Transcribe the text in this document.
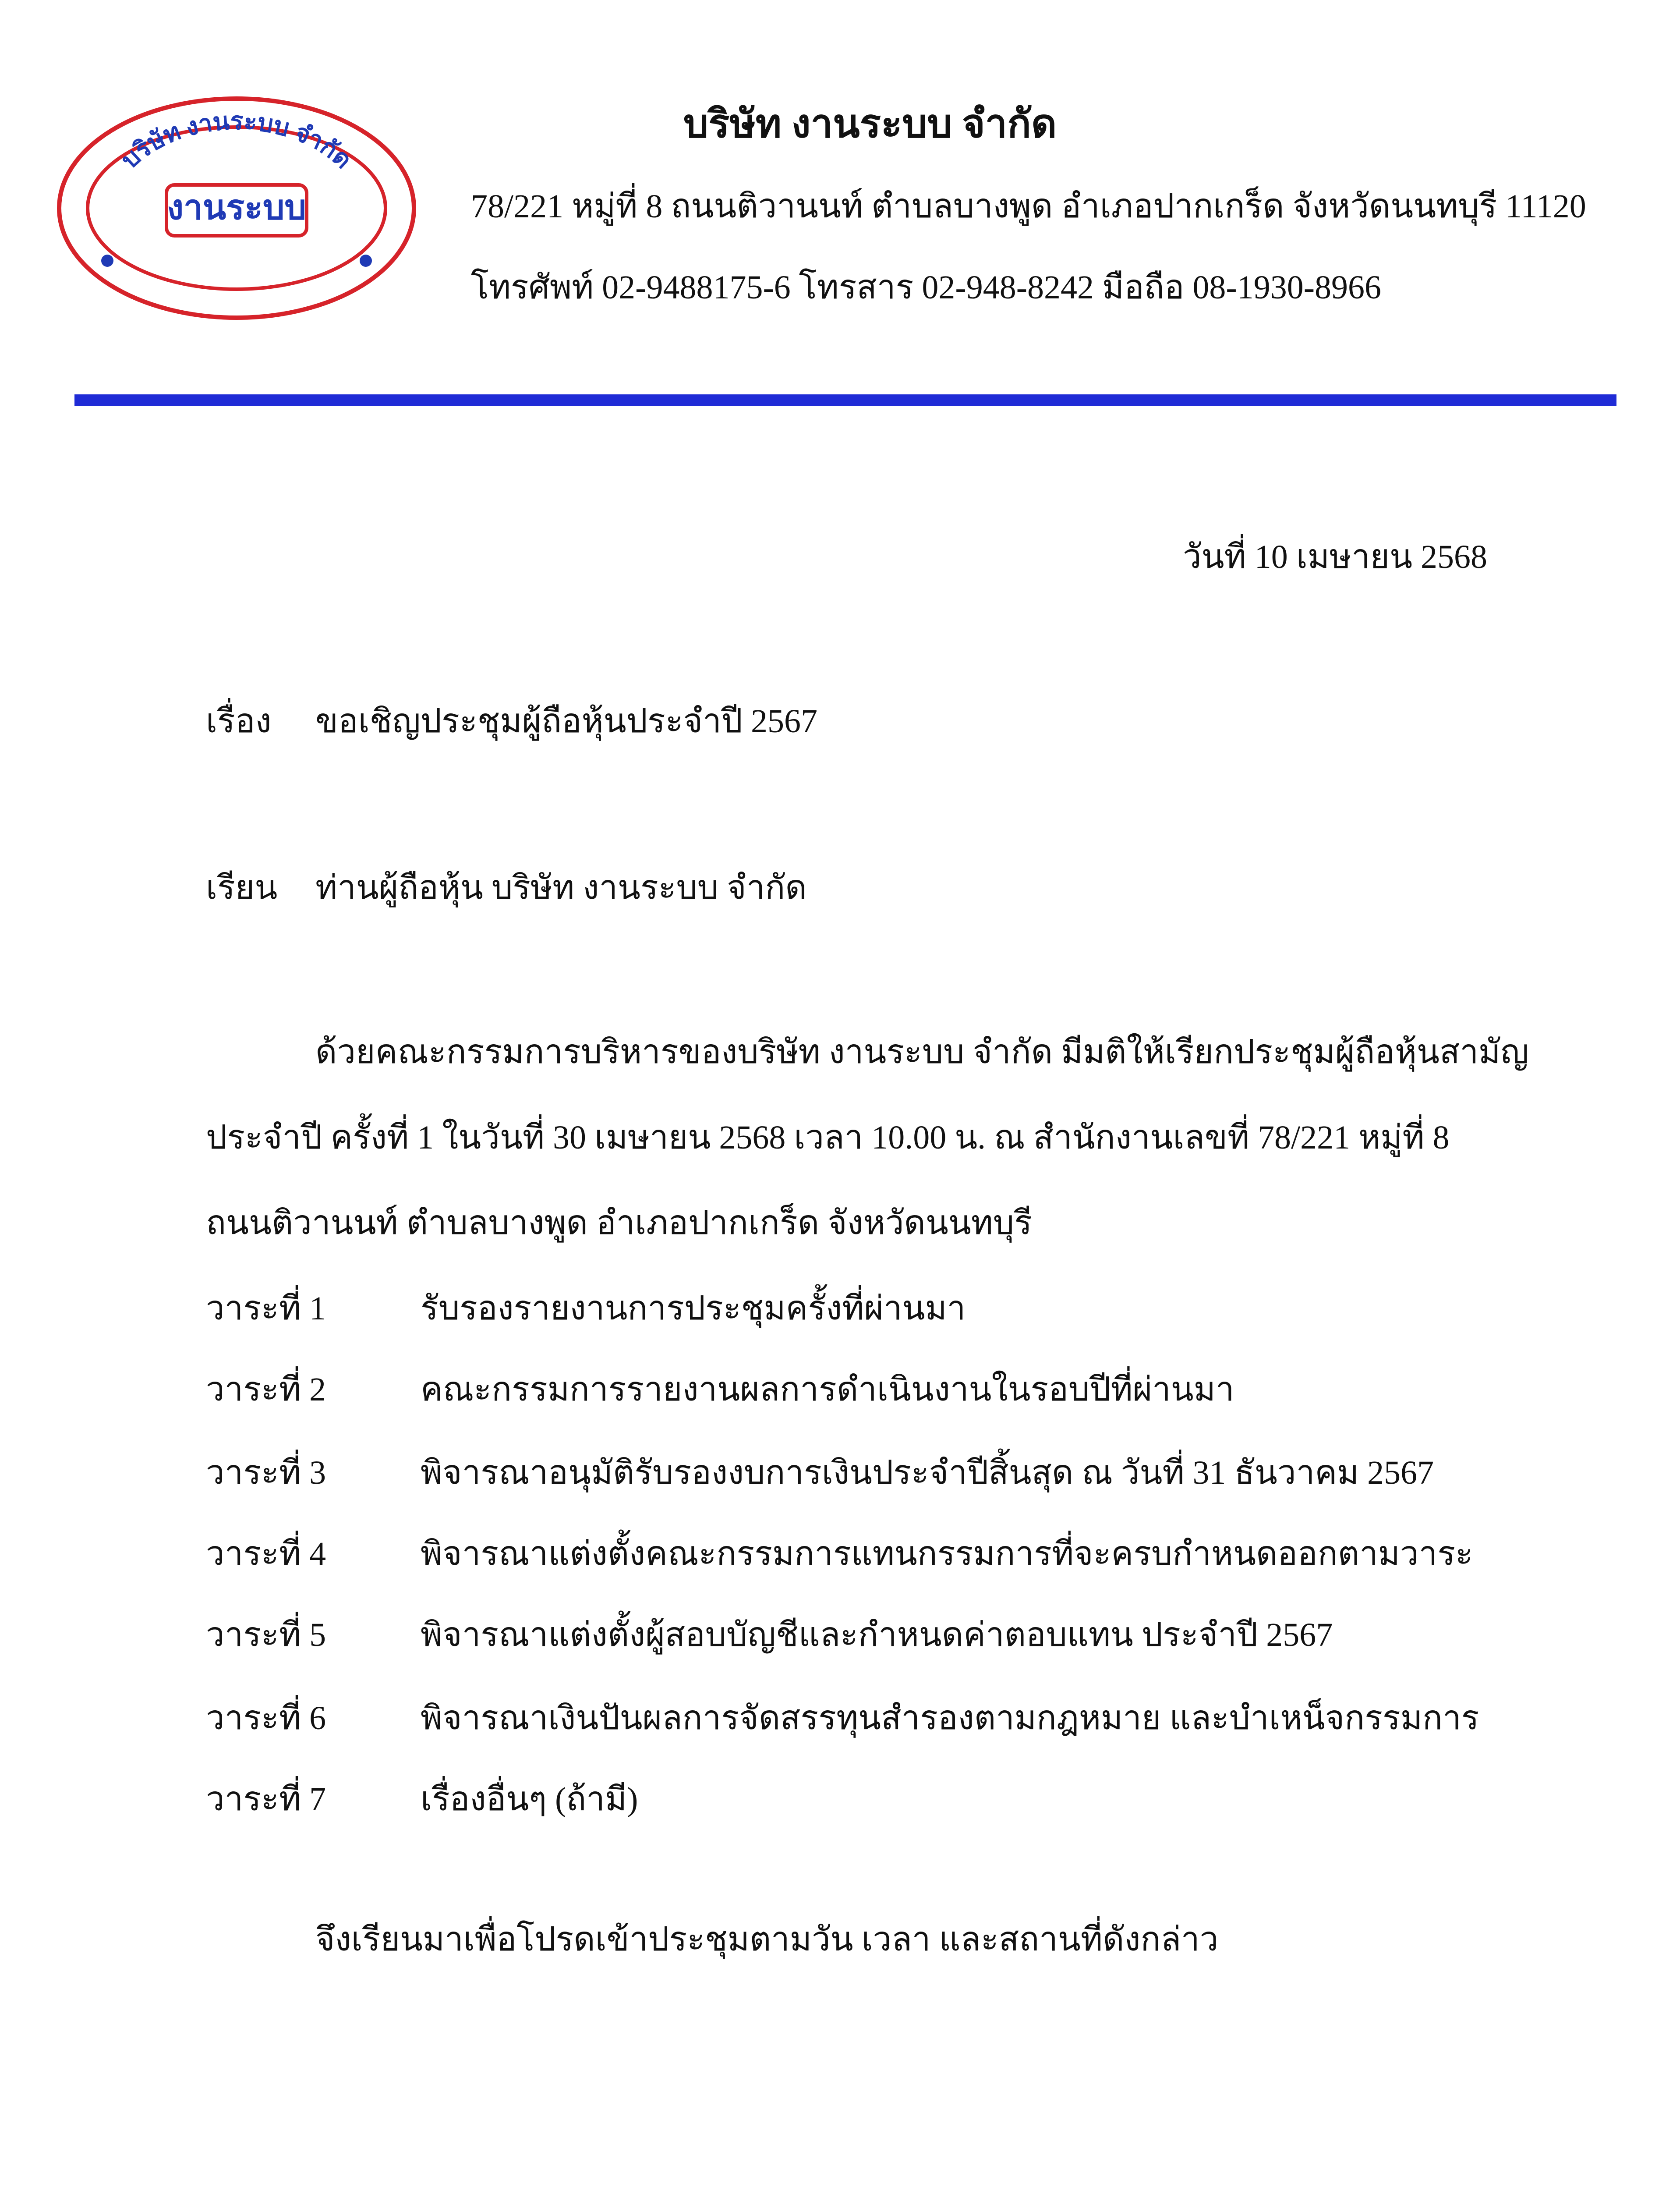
งานระบบ
บริษัท งานระบบ จำกัด
บริษัท งานระบบ จำกัด
78/221 หมู่ที่ 8 ถนนติวานนท์ ตำบลบางพูด อำเภอปากเกร็ด จังหวัดนนทบุรี 11120
โทรศัพท์ 02-9488175-6 โทรสาร 02-948-8242 มือถือ 08-1930-8966
วันที่ 10 เมษายน 2568
เรื่อง ขอเชิญประชุมผู้ถือหุ้นประจำปี 2567
เรียน ท่านผู้ถือหุ้น บริษัท งานระบบ จำกัด
ด้วยคณะกรรมการบริหารของบริษัท งานระบบ จำกัด มีมติให้เรียกประชุมผู้ถือหุ้นสามัญ
ประจำปี ครั้งที่ 1 ในวันที่ 30 เมษายน 2568 เวลา 10.00 น. ณ สำนักงานเลขที่ 78/221 หมู่ที่ 8
ถนนติวานนท์ ตำบลบางพูด อำเภอปากเกร็ด จังหวัดนนทบุรี
วาระที่ 1	รับรองรายงานการประชุมครั้งที่ผ่านมา
วาระที่ 2	คณะกรรมการรายงานผลการดำเนินงานในรอบปีที่ผ่านมา
วาระที่ 3	พิจารณาอนุมัติรับรองงบการเงินประจำปีสิ้นสุด ณ วันที่ 31 ธันวาคม 2567
วาระที่ 4	พิจารณาแต่งตั้งคณะกรรมการแทนกรรมการที่จะครบกำหนดออกตามวาระ
วาระที่ 5	พิจารณาแต่งตั้งผู้สอบบัญชีและกำหนดค่าตอบแทน ประจำปี 2567
วาระที่ 6	พิจารณาเงินปันผลการจัดสรรทุนสำรองตามกฎหมาย และบำเหน็จกรรมการ
วาระที่ 7	เรื่องอื่นๆ (ถ้ามี)
จึงเรียนมาเพื่อโปรดเข้าประชุมตามวัน เวลา และสถานที่ดังกล่าว
